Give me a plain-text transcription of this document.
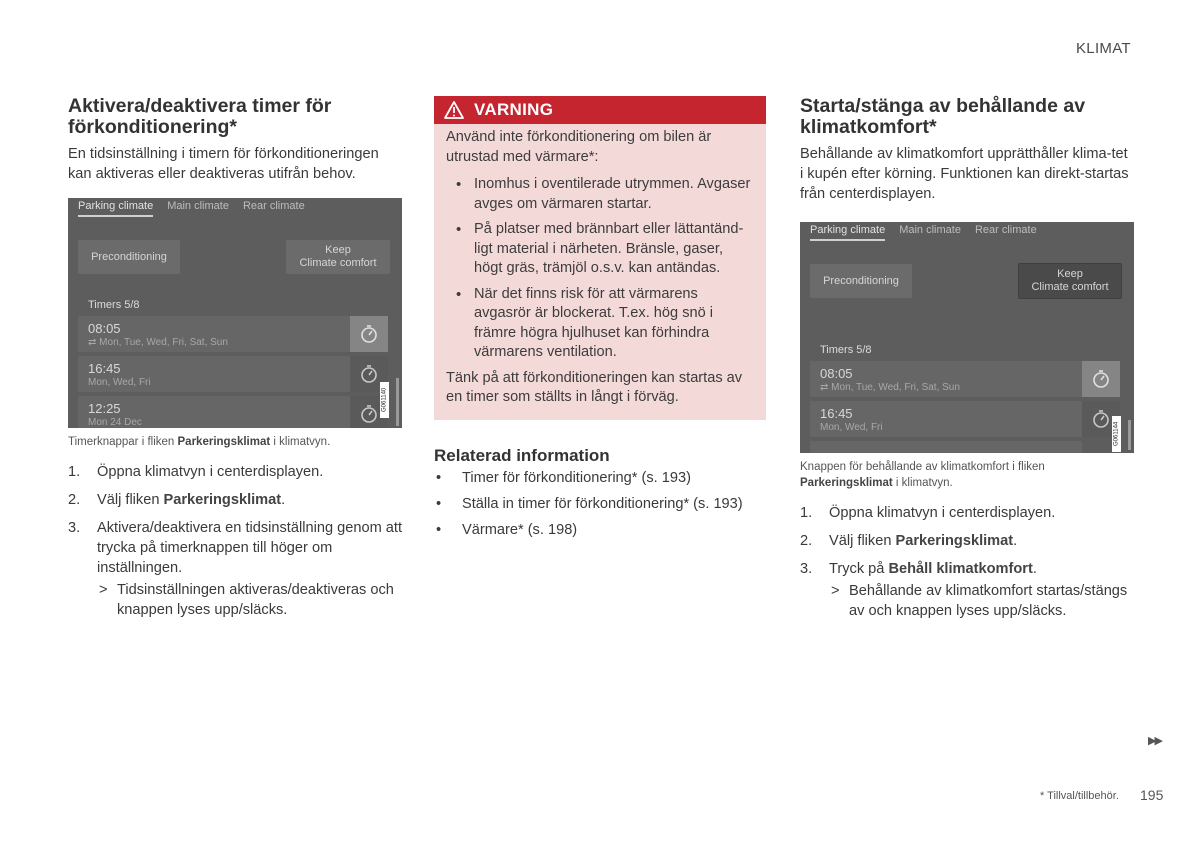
KLIMAT
Aktivera/deaktivera timer för förkonditionering*

En tidsinställning i timern för förkonditioneringen kan aktiveras eller deaktiveras utifrån behov.

Parking climate Main climate Rear climate
Preconditioning
Keep
Climate comfort
Timers 5/8
08:05
⇄ Mon, Tue, Wed, Fri, Sat, Sun
16:45
Mon, Wed, Fri
12:25
Mon 24 Dec
G061140
Timerknappar i fliken Parkeringsklimat i klimatvyn.
1. Öppna klimatvyn i centerdisplayen.
2. Välj fliken Parkeringsklimat.
3. Aktivera/deaktivera en tidsinställning genom att trycka på timerknappen till höger om inställningen.
> Tidsinställningen aktiveras/deaktiveras och knappen lyses upp/släcks.
VARNING
Använd inte förkonditionering om bilen är utrustad med värmare*:
• Inomhus i oventilerade utrymmen. Avgaser avges om värmaren startar.
• På platser med brännbart eller lättantänd-ligt material i närheten. Bränsle, gaser, högt gräs, trämjöl o.s.v. kan antändas.
• När det finns risk för att värmarens avgasrör är blockerat. T.ex. hög snö i främre högra hjulhuset kan förhindra värmarens ventilation.
Tänk på att förkonditioneringen kan startas av en timer som ställts in långt i förväg.
Relaterad information
• Timer för förkonditionering* (s. 193)
• Ställa in timer för förkonditionering* (s. 193)
• Värmare* (s. 198)
Starta/stänga av behållande av klimatkomfort*

Behållande av klimatkomfort upprätthåller klima-tet i kupén efter körning. Funktionen kan direkt-startas från centerdisplayen.

Parking climate Main climate Rear climate
Preconditioning
Keep
Climate comfort
Timers 5/8
08:05
⇄ Mon, Tue, Wed, Fri, Sat, Sun
16:45
Mon, Wed, Fri	G061144
Knappen för behållande av klimatkomfort i fliken
Parkeringsklimat i klimatvyn.
1. Öppna klimatvyn i centerdisplayen.
2. Välj fliken Parkeringsklimat.
3. Tryck på Behåll klimatkomfort.
> Behållande av klimatkomfort startas/stängs av och knappen lyses upp/släcks.
▶▶
* Tillval/tillbehör. 195
